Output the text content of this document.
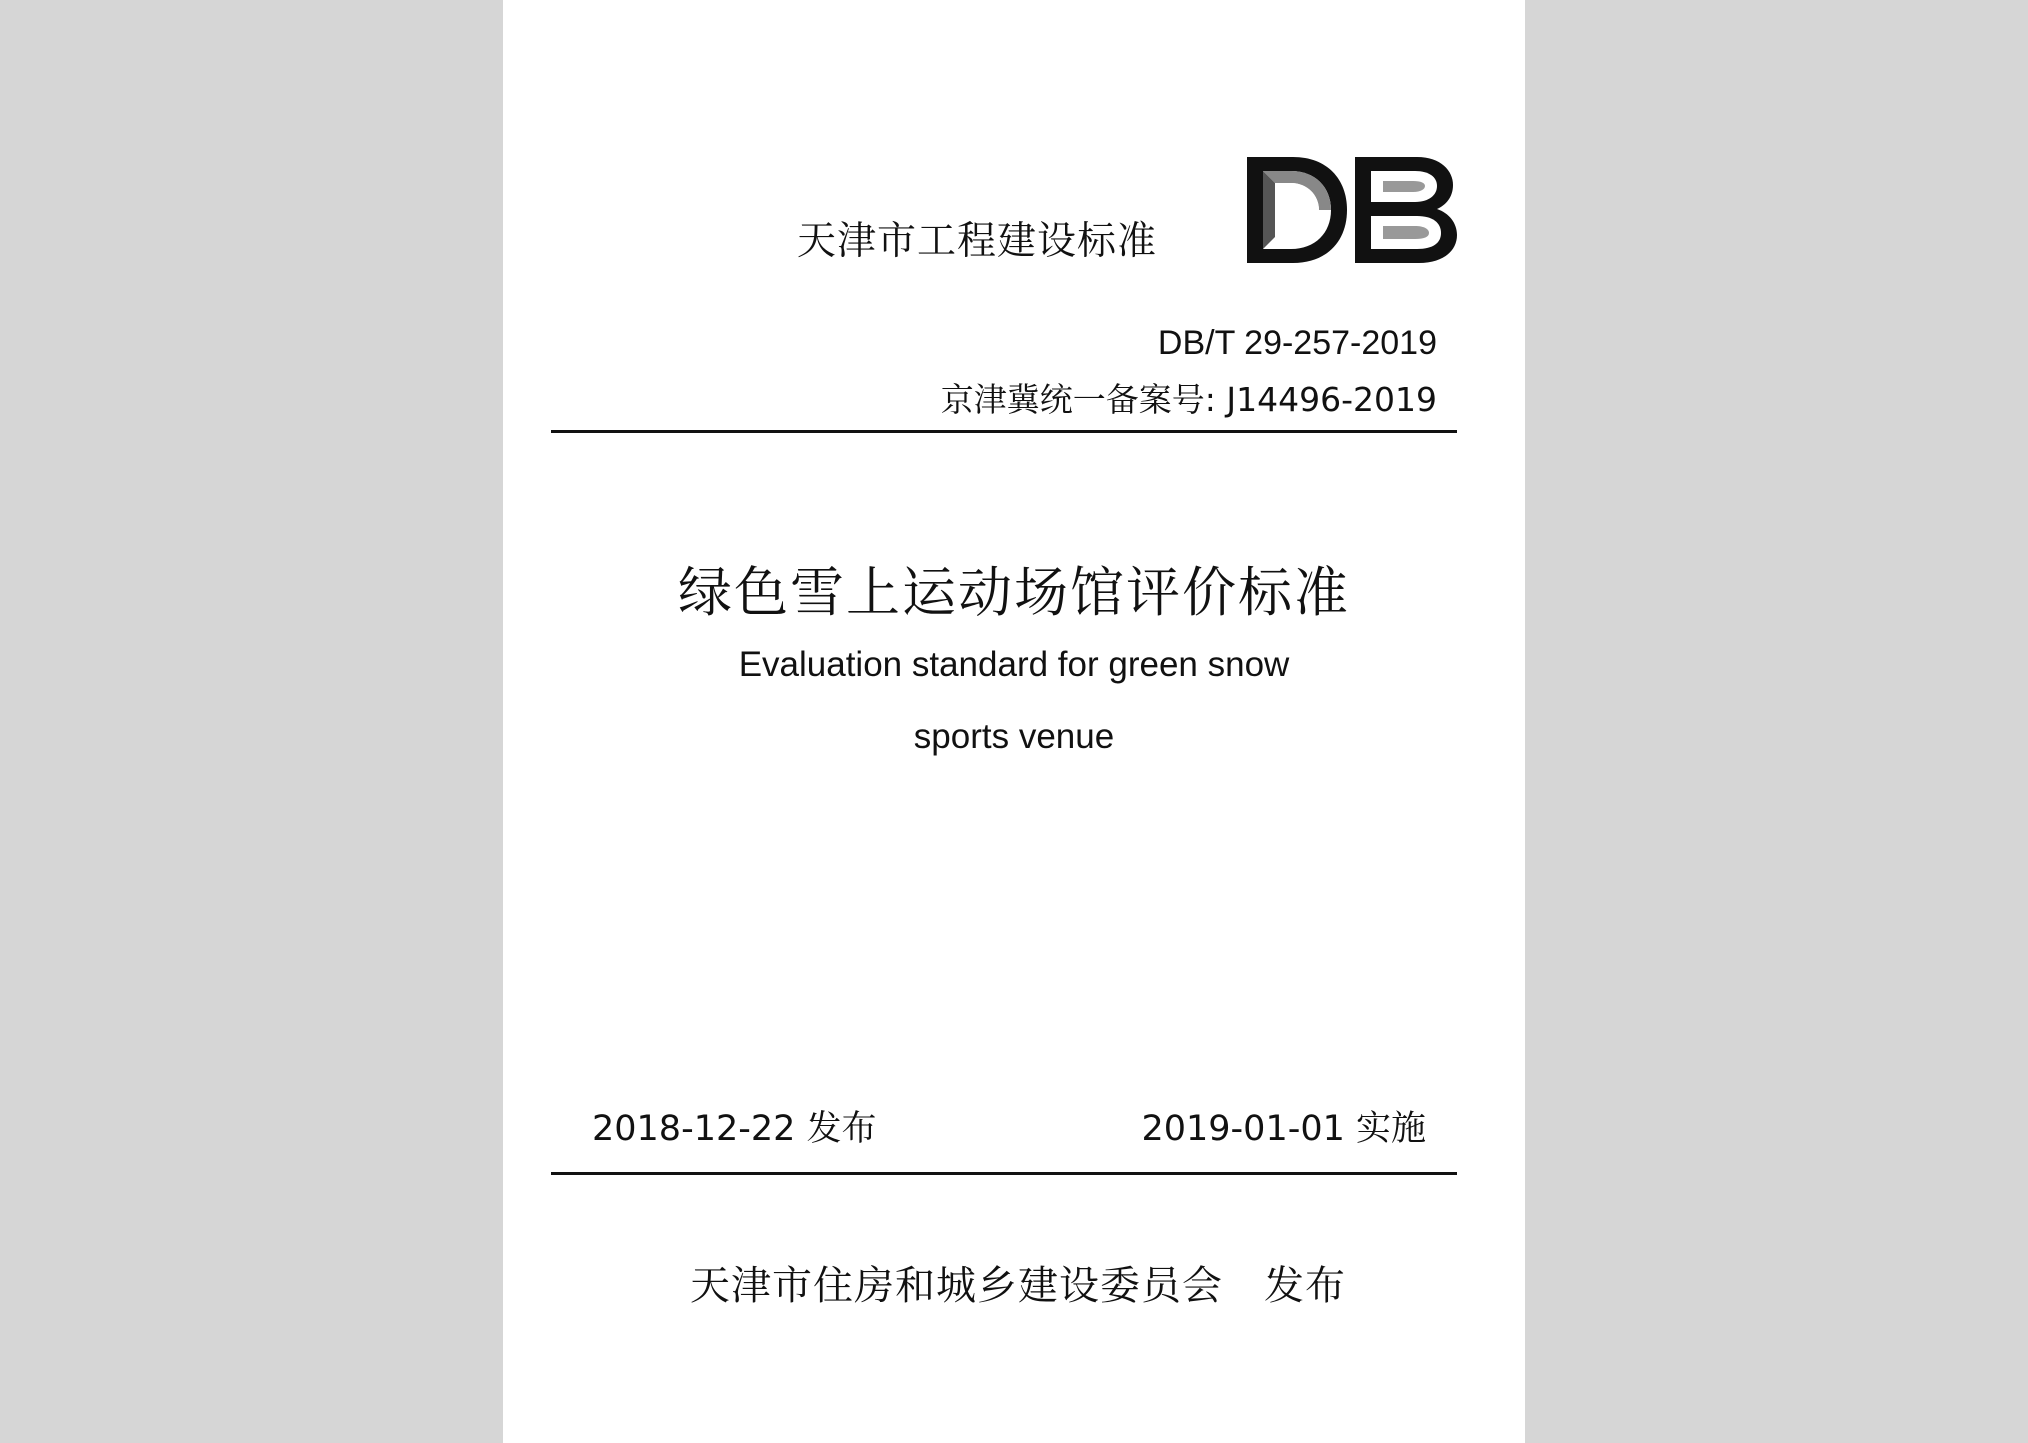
天津市工程建设标准
DB/T 29-257-2019
京津冀统一备案号: J14496-2019
绿色雪上运动场馆评价标准
Evaluation standard for green snow
sports venue
2018-12-22 发布	2019-01-01 实施
天津市住房和城乡建设委员会　发布
